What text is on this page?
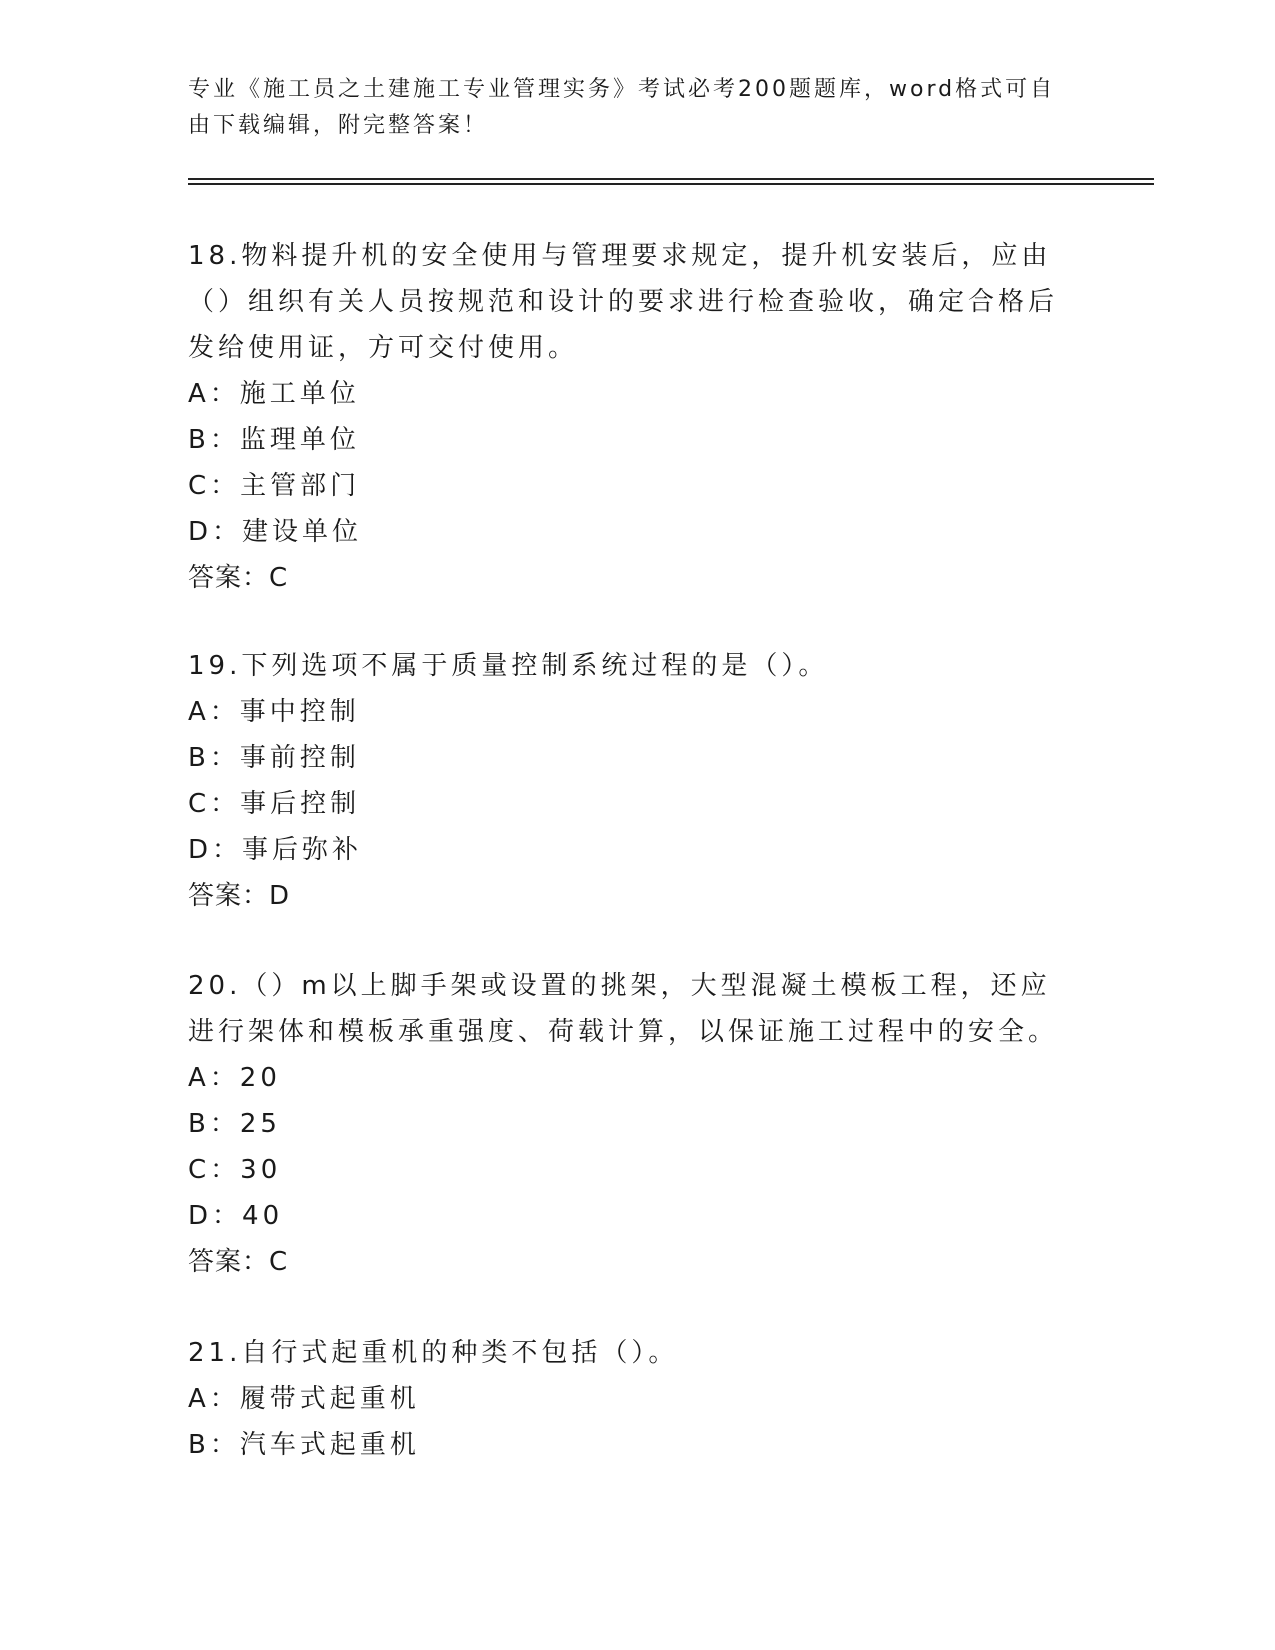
专业《施工员之土建施工专业管理实务》考试必考200题题库，word格式可自由下载编辑，附完整答案！
18.物料提升机的安全使用与管理要求规定，提升机安装后，应由（）组织有关人员按规范和设计的要求进行检查验收，确定合格后发给使用证，方可交付使用。
A：施工单位
B：监理单位
C：主管部门
D：建设单位
答案：C
19.下列选项不属于质量控制系统过程的是（）。
A：事中控制
B：事前控制
C：事后控制
D：事后弥补
答案：D
20.（）m以上脚手架或设置的挑架，大型混凝土模板工程，还应进行架体和模板承重强度、荷载计算，以保证施工过程中的安全。
A：20
B：25
C：30
D：40
答案：C
21.自行式起重机的种类不包括（）。
A：履带式起重机
B：汽车式起重机
